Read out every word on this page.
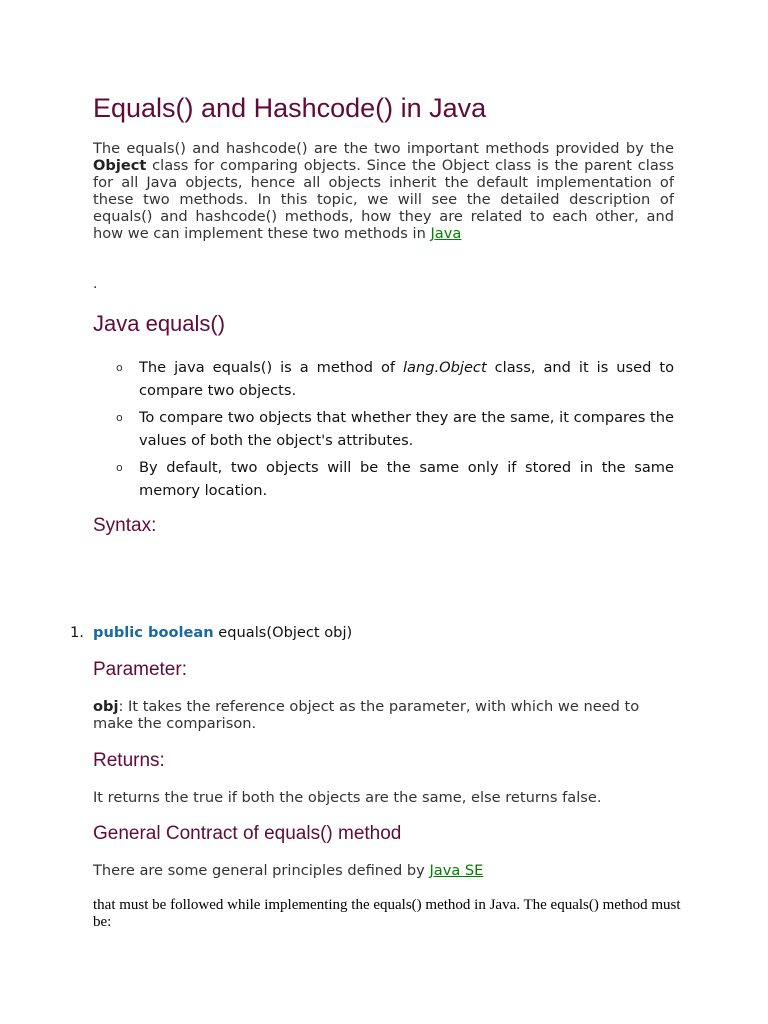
Equals() and Hashcode() in Java

The equals() and hashcode() are the two important methods provided by the Object class for comparing objects. Since the Object class is the parent class for all Java objects, hence all objects inherit the default implementation of these two methods. In this topic, we will see the detailed description of equals() and hashcode() methods, how they are related to each other, and how we can implement these two methods in Java

.

Java equals()
o The java equals() is a method of lang.Object class, and it is used to compare two objects.
o To compare two objects that whether they are the same, it compares the values of both the object's attributes.
o By default, two objects will be the same only if stored in the same memory location.
Syntax:
1. public boolean equals(Object obj)
Parameter:

obj: It takes the reference object as the parameter, with which we need to make the comparison.

Returns:

It returns the true if both the objects are the same, else returns false.

General Contract of equals() method

There are some general principles defined by Java SE

that must be followed while implementing the equals() method in Java. The equals() method must be:
